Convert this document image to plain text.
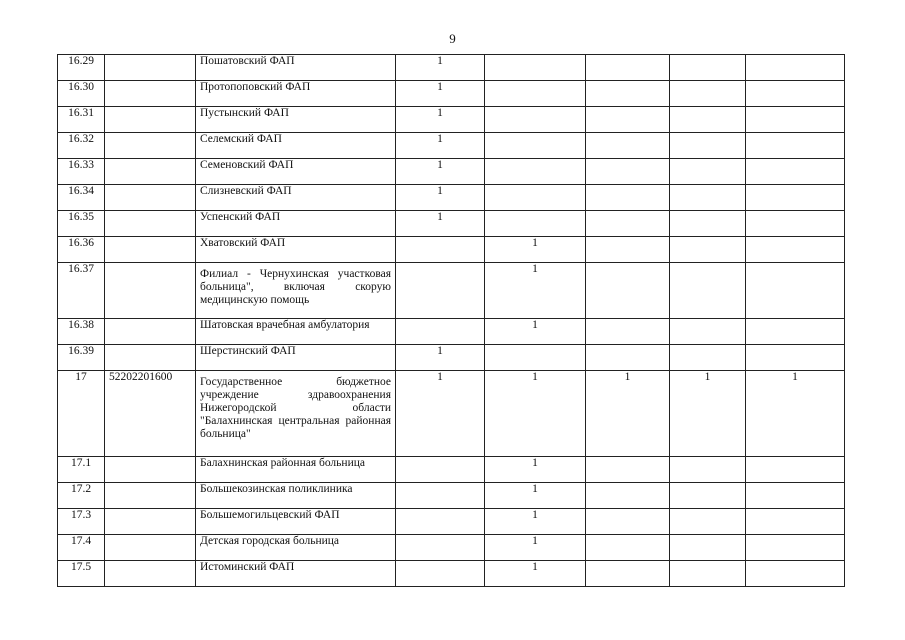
9
16.29		Пошатовский ФАП	1				
16.30		Протопоповский ФАП	1				
16.31		Пустынский ФАП	1				
16.32		Селемский ФАП	1				
16.33		Семеновский ФАП	1				
16.34		Слизневский ФАП	1				
16.35		Успенский ФАП	1				
16.36		Хватовский ФАП		1			
16.37		Филиал - Чернухинская участковая больница", включая скорую медицинскую помощь		1			
16.38		Шатовская врачебная амбулатория		1			
16.39		Шерстинский ФАП	1				
17	52202201600	Государственное бюджетное учреждение здравоохранения Нижегородской области "Балахнинская центральная районная больница"	1	1	1	1	1
17.1		Балахнинская районная больница		1			
17.2		Большекозинская поликлиника		1			
17.3		Большемогильцевский ФАП		1			
17.4		Детская городская больница		1			
17.5		Истоминский ФАП		1			
